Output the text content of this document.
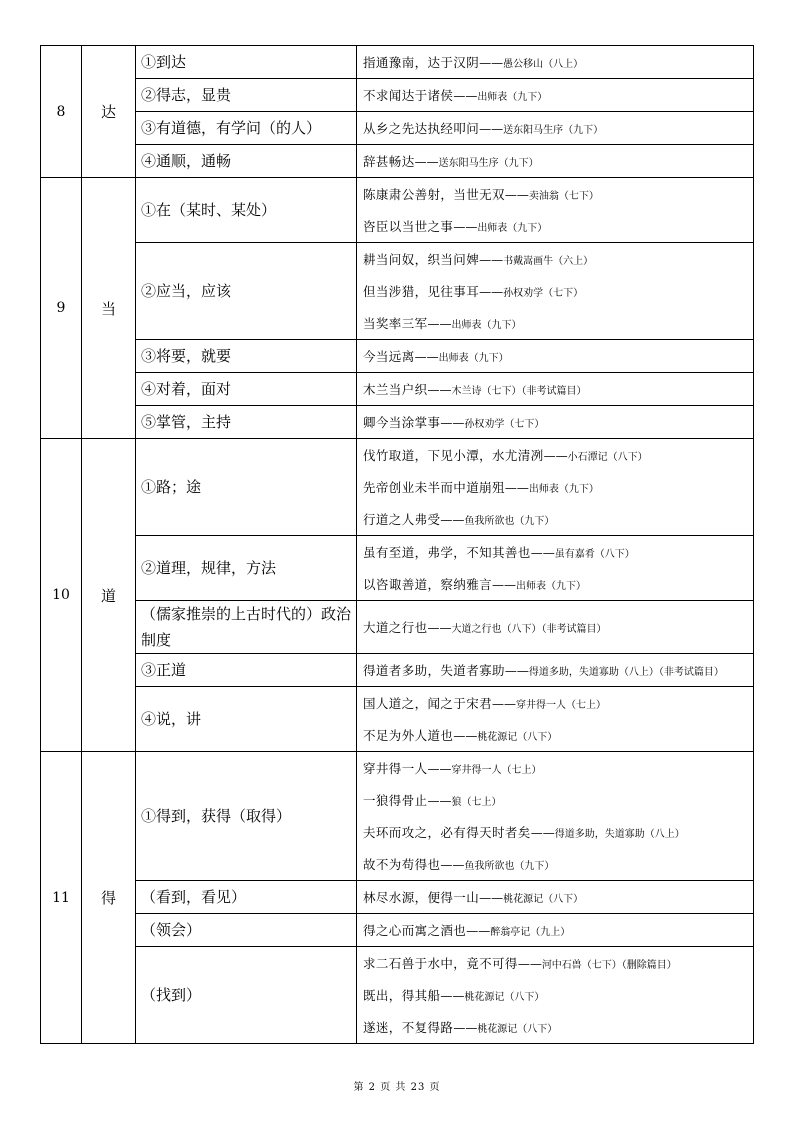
8	达	①到达	指通豫南，达于汉阴——愚公移山（八上）

		②得志，显贵	不求闻达于诸侯——出师表（九下）

		③有道德，有学问（的人）	从乡之先达执经叩问——送东阳马生序（九下）

		④通顺，通畅	辞甚畅达——送东阳马生序（九下）

9	当	①在（某时、某处）	陈康肃公善射，当世无双——卖油翁（七下）
咨臣以当世之事——出师表（九下）

		②应当，应该	耕当问奴，织当问婢——书戴嵩画牛（六上）
但当涉猎，见往事耳——孙权劝学（七下）
当奖率三军——出师表（九下）

		③将要，就要	今当远离——出师表（九下）

		④对着，面对	木兰当户织——木兰诗（七下）（非考试篇目）

		⑤掌管，主持	卿今当涂掌事——孙权劝学（七下）

10	道	①路；途	伐竹取道，下见小潭，水尤清冽——小石潭记（八下）
先帝创业未半而中道崩殂——出师表（九下）
行道之人弗受——鱼我所欲也（九下）

		②道理，规律，方法	虽有至道，弗学，不知其善也——虽有嘉肴（八下）
以咨诹善道，察纳雅言——出师表（九下）

		（儒家推崇的上古时代的）政治制度	大道之行也——大道之行也（八下）（非考试篇目）

		③正道	得道者多助，失道者寡助——得道多助，失道寡助（八上）（非考试篇目）

		④说，讲	国人道之，闻之于宋君——穿井得一人（七上）
不足为外人道也——桃花源记（八下）

11	得	①得到，获得（取得）	穿井得一人——穿井得一人（七上）
一狼得骨止——狼（七上）
夫环而攻之，必有得天时者矣——得道多助，失道寡助（八上）
故不为苟得也——鱼我所欲也（九下）

		（看到，看见）	林尽水源，便得一山——桃花源记（八下）

		（领会）	得之心而寓之酒也——醉翁亭记（九上）

		（找到）	求二石兽于水中，竟不可得——河中石兽（七下）（删除篇目）
既出，得其船——桃花源记（八下）
遂迷，不复得路——桃花源记（八下）
第 2 页 共 23 页
